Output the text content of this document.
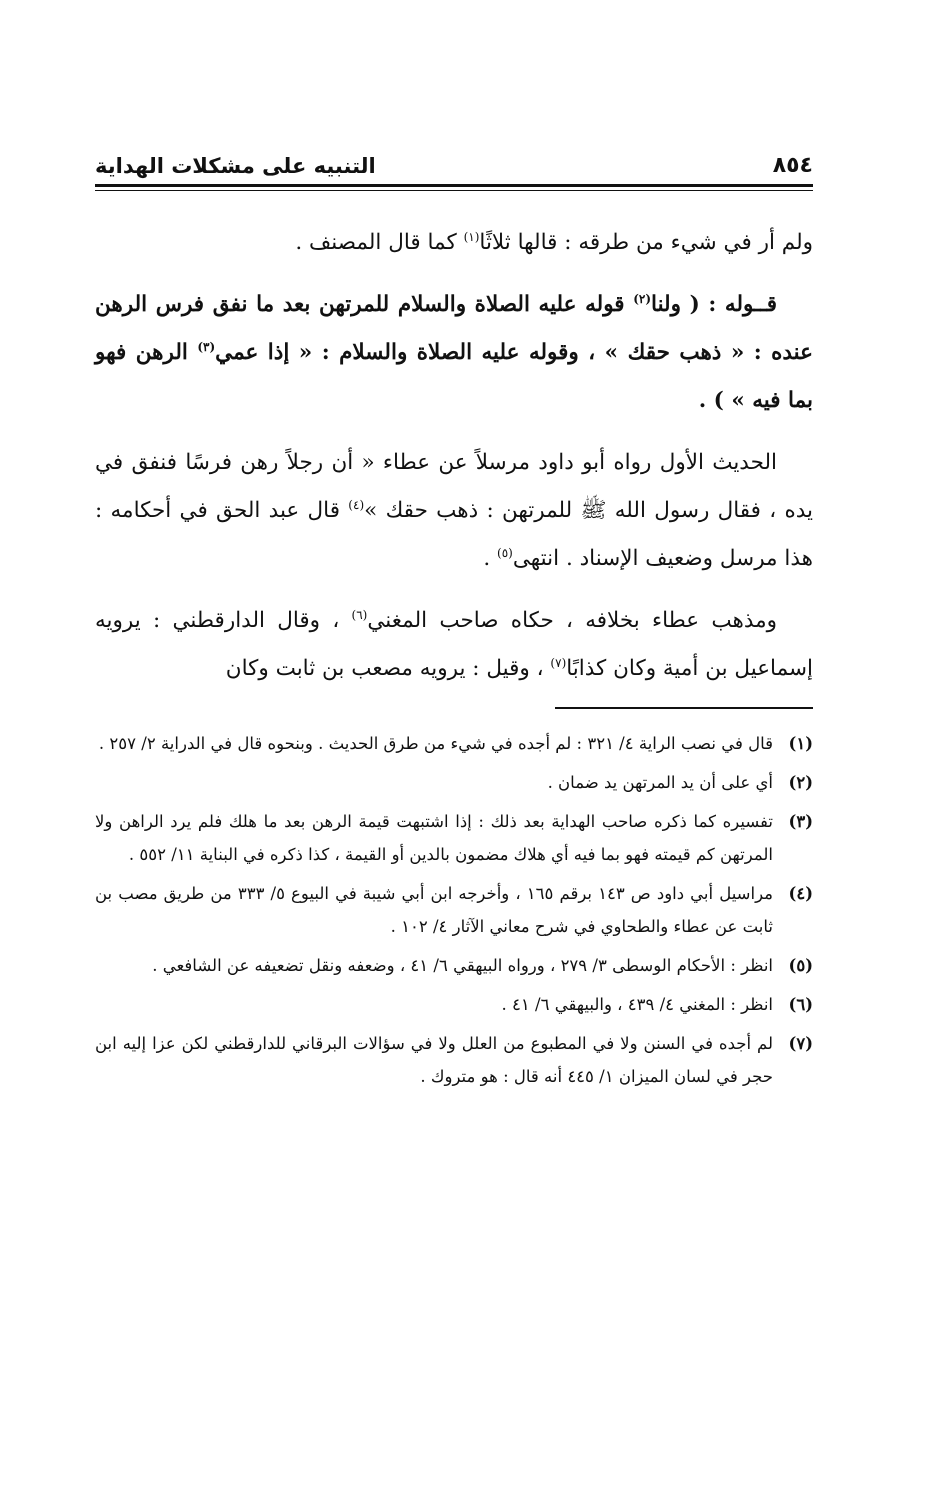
٨٥٤
التنبيه على مشكلات الهداية

ولم أر في شيء من طرقه : قالها ثلاثًا$^{(١)}$ كما قال المصنف .

قــوله : ( ولنا$^{(٢)}$ قوله عليه الصلاة والسلام للمرتهن بعد ما نفق فرس الرهن عنده : « ذهب حقك » ، وقوله عليه الصلاة والسلام : « إذا عمي$^{(٣)}$ الرهن فهو بما فيه » ) .

الحديث الأول رواه أبو داود مرسلاً عن عطاء « أن رجلاً رهن فرسًا فنفق في يده ، فقال رسول الله ﷺ للمرتهن : ذهب حقك »$^{(٤)}$ قال عبد الحق في أحكامه : هذا مرسل وضعيف الإسناد . انتهى$^{(٥)}$ .

ومذهب عطاء بخلافه ، حكاه صاحب المغني$^{(٦)}$ ، وقال الدارقطني : يرويه إسماعيل بن أمية وكان كذابًا$^{(٧)}$ ، وقيل : يرويه مصعب بن ثابت وكان

(١)
قال في نصب الراية ٤/ ٣٢١ : لم أجده في شيء من طرق الحديث . وبنحوه قال في الدراية ٢/ ٢٥٧ .
(٢)
أي على أن يد المرتهن يد ضمان .
(٣)
تفسيره كما ذكره صاحب الهداية بعد ذلك : إذا اشتبهت قيمة الرهن بعد ما هلك فلم يرد الراهن ولا المرتهن كم قيمته فهو بما فيه أي هلاك مضمون بالدين أو القيمة ، كذا ذكره في البناية ١١/ ٥٥٢ .
(٤)
مراسيل أبي داود ص ١٤٣ برقم ١٦٥ ، وأخرجه ابن أبي شيبة في البيوع ٥/ ٣٣٣ من طريق مصب بن ثابت عن عطاء والطحاوي في شرح معاني الآثار ٤/ ١٠٢ .
(٥)
انظر : الأحكام الوسطى ٣/ ٢٧٩ ، ورواه البيهقي ٦/ ٤١ ، وضعفه ونقل تضعيفه عن الشافعي .
(٦)
انظر : المغني ٤/ ٤٣٩ ، والبيهقي ٦/ ٤١ .
(٧)
لم أجده في السنن ولا في المطبوع من العلل ولا في سؤالات البرقاني للدارقطني لكن عزا إليه ابن حجر في لسان الميزان ١/ ٤٤٥ أنه قال : هو متروك .
